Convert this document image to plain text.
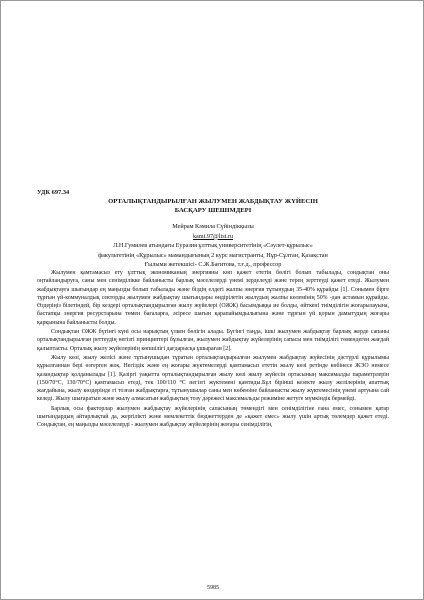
УДК 697.34
ОРТАЛЫҚТАНДЫРЫЛҒАН ЖЫЛУМЕН ЖАБДЫҚТАУ ЖҮЙЕСІН
БАСҚАРУ ШЕШІМДЕРІ
Мейрам Кәмила Сүйіндікқызы
kami.97@list.ru
Л.Н.Гумилев атындағы Еуразия ұлттық университетінің «Сәулет-құрылыс»
факультетінің «Құрылыс» мамандығының 2 курс магистранты, Нұр-Сұлтан, Қазақстан
Ғылыми жетекшісі- С.Ж.Бағитова, т.ғ.д., профессор

Жылумен қамтамасыз ету ұлттық экономиканың энергияны көп қажет ететін бөлігі болып табылады, сондықтан оны оңтайландыруға, саны мен сенімділікке байланысты барлық мәселелерді үнемі зерделеуді және терең зерттеуді қажет етеді. Жылумен жабдықтауға шығындар ең маңызды болып табылады және біздің елдегі жалпы энергия тұтынудың 35-40% құрайды [1]. Сонымен бірге тұрғын үй-коммуналдық секторды жылумен жабдықтау шығындары өндірілетін жылудың жалпы көлемінің 50% -дан астамын құрайды. Өздеріңіз білетіндей, бір кездері орталықтандырылған жылу жүйелері (ОЖЖ) басымдыққа ие болды, өйткені тиімділігін жоғарылауына, бастапқы энергия ресурстарына төмен бағаларға, әсіресе шағын қарапайымдылығына және тұрғын үй қорын дамытудың жоғары қарқынына байланысты болды.

Сондықтан ОЖЖ бүгінгі күні осы нарықтың үлкен бөлігін алады. Бүгінгі таңда, ішкі жылумен жабдықтау барлық жерде сапаны орталықтандырылған реттеудің негізгі принциптері бұзылған, жылумен жабдықтау жүйелерінің сапасы мен тиімділігі төмендеген жағдай қалыптасты. Орталық жылу жүйелерінің көпшілігі дағдарысқа ұшыраған [2].

Жылу көзі, жылу желісі және тұтынушыдан тұратын орталықтандырылған жылумен жабдықтау жүйесінің дәстүрлі құрылымы құрылғаннан бері өзгерген жоқ. Негіздік және ең жоғары жүктемелерді қамтамасыз ететін жылу көзі ретінде көбінесе ЖЭО немесе қазандықтар қолданылады [1]. Қазіргі уақытта орталықтандырылған жылу көзі жылу жүйесін ортасының максималды параметрлерін (150/70°С, 130/70°С) қамтамасыз етеді, тек 100/110 °С негізгі жүктемені қамтиды.Бұл бірінші кезекте жылу желілерінің апаттық жағдайына, жылу көздерінде гі тозған жабдықтарға, тұтынушылар саны мен көбеюіне байланысты жылу жүктемесінің үнемі артуына сай келеді. Жылу шығаратын және жылу алмасатын жабдықтың тозу дәрежесі максимальды режиміне жетуге мүмкіндік бермейді.

Барлық осы факторлар жылумен жабдықтау жүйелерінің сапасының төмендігі мен сенімділігіне ғана емес, сонымен қатар шығындардың айтарлықтай да, жергілікті және мемлекеттік бюджеттерден де «қажет емес» жылу үшін артық төлемдер қажет етеді. Сондықтан, ең маңызды мәселелерді - жылумен жабдықтау жүйелерінің жоғары сенімділігін,

5985
